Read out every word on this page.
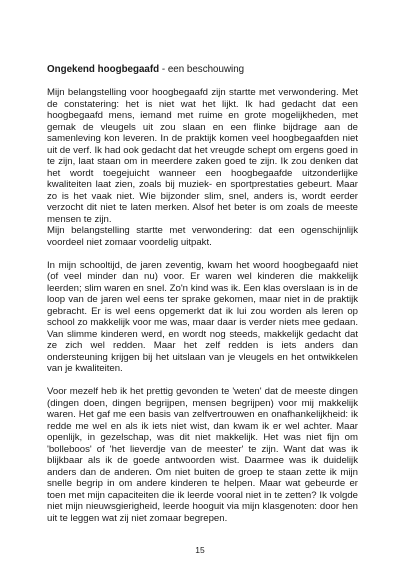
Ongekend hoogbegaafd - een beschouwing

Mijn belangstelling voor hoogbegaafd zijn startte met verwondering. Met de constatering: het is niet wat het lijkt. Ik had gedacht dat een hoogbegaafd mens, iemand met ruime en grote mogelijkheden, met gemak de vleugels uit zou slaan en een flinke bijdrage aan de samenleving kon leveren. In de praktijk komen veel hoogbegaafden niet uit de verf. Ik had ook gedacht dat het vreugde schept om ergens goed in te zijn, laat staan om in meerdere zaken goed te zijn. Ik zou denken dat het wordt toegejuicht wanneer een hoogbegaafde uitzonderlijke kwaliteiten laat zien, zoals bij muziek- en sportprestaties gebeurt. Maar zo is het vaak niet. Wie bijzonder slim, snel, anders is, wordt eerder verzocht dit niet te laten merken. Alsof het beter is om zoals de meeste mensen te zijn.

Mijn belangstelling startte met verwondering: dat een ogenschijnlijk voordeel niet zomaar voordelig uitpakt.

In mijn schooltijd, de jaren zeventig, kwam het woord hoogbegaafd niet (of veel minder dan nu) voor. Er waren wel kinderen die makkelijk leerden; slim waren en snel. Zo'n kind was ik. Een klas overslaan is in de loop van de jaren wel eens ter sprake gekomen, maar niet in de praktijk gebracht. Er is wel eens opgemerkt dat ik lui zou worden als leren op school zo makkelijk voor me was, maar daar is verder niets mee gedaan. Van slimme kinderen werd, en wordt nog steeds, makkelijk gedacht dat ze zich wel redden. Maar het zelf redden is iets anders dan ondersteuning krijgen bij het uitslaan van je vleugels en het ontwikkelen van je kwaliteiten.

Voor mezelf heb ik het prettig gevonden te 'weten' dat de meeste dingen (dingen doen, dingen begrijpen, mensen begrijpen) voor mij makkelijk waren. Het gaf me een basis van zelfvertrouwen en onafhankelijkheid: ik redde me wel en als ik iets niet wist, dan kwam ik er wel achter. Maar openlijk, in gezelschap, was dit niet makkelijk. Het was niet fijn om 'bolleboos' of 'het lieverdje van de meester' te zijn. Want dat was ik blijkbaar als ik de goede antwoorden wist. Daarmee was ik duidelijk anders dan de anderen. Om niet buiten de groep te staan zette ik mijn snelle begrip in om andere kinderen te helpen. Maar wat gebeurde er toen met mijn capaciteiten die ik leerde vooral niet in te zetten? Ik volgde niet mijn nieuwsgierigheid, leerde hooguit via mijn klasgenoten: door hen uit te leggen wat zij niet zomaar begrepen.

15
